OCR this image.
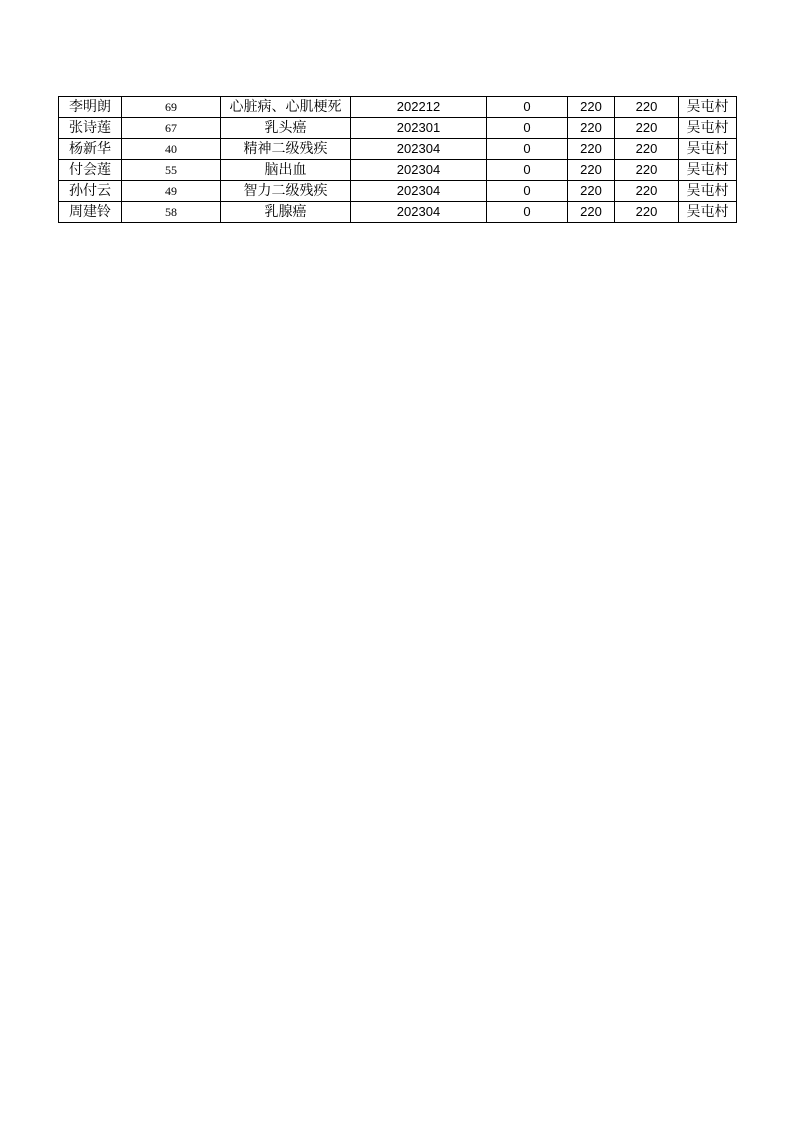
李明朗	69	心脏病、心肌梗死	202212	0	220	220	吴屯村
张诗莲	67	乳头癌	202301	0	220	220	吴屯村
杨新华	40	精神二级残疾	202304	0	220	220	吴屯村
付会莲	55	脑出血	202304	0	220	220	吴屯村
孙付云	49	智力二级残疾	202304	0	220	220	吴屯村
周建铃	58	乳腺癌	202304	0	220	220	吴屯村
